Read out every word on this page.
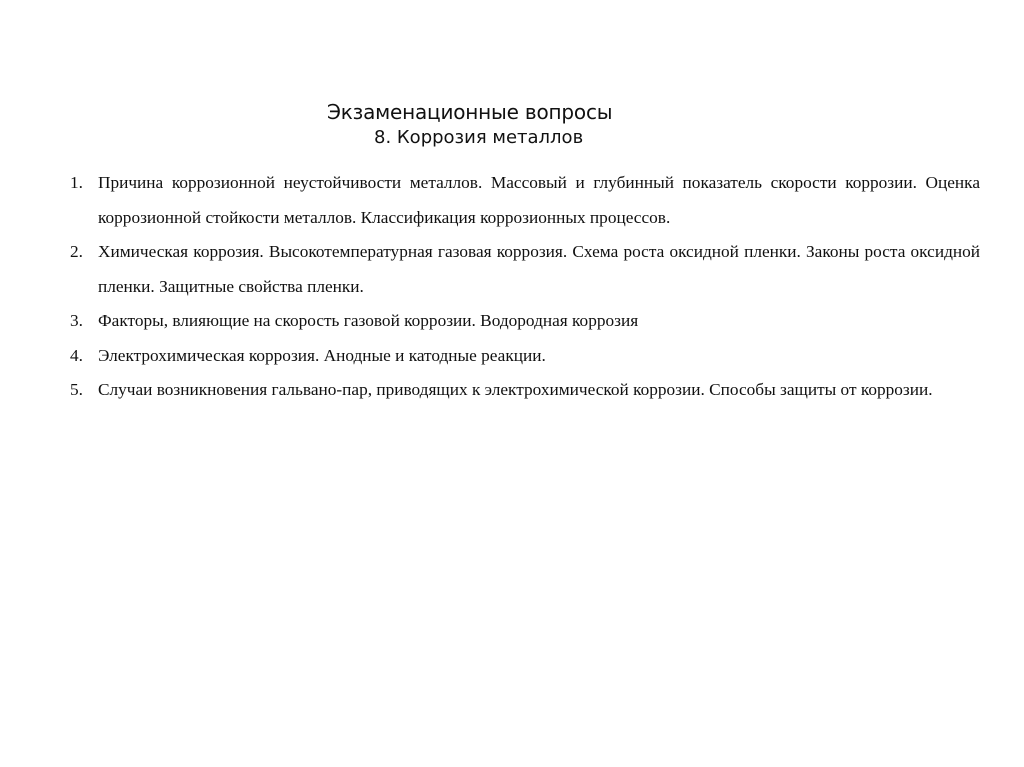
Экзаменационные вопросы
8. Коррозия металлов
1. Причина коррозионной неустойчивости металлов. Массовый и глубинный показатель скорости коррозии. Оценка коррозионной стойкости металлов. Классификация коррозионных процессов.
2. Химическая коррозия. Высокотемпературная газовая коррозия. Схема роста оксидной пленки. Законы роста оксидной пленки. Защитные свойства пленки.
3. Факторы, влияющие на скорость газовой коррозии. Водородная коррозия
4. Электрохимическая коррозия. Анодные и катодные реакции.
5. Случаи возникновения гальвано-пар, приводящих к электрохимической коррозии. Способы защиты от коррозии.
